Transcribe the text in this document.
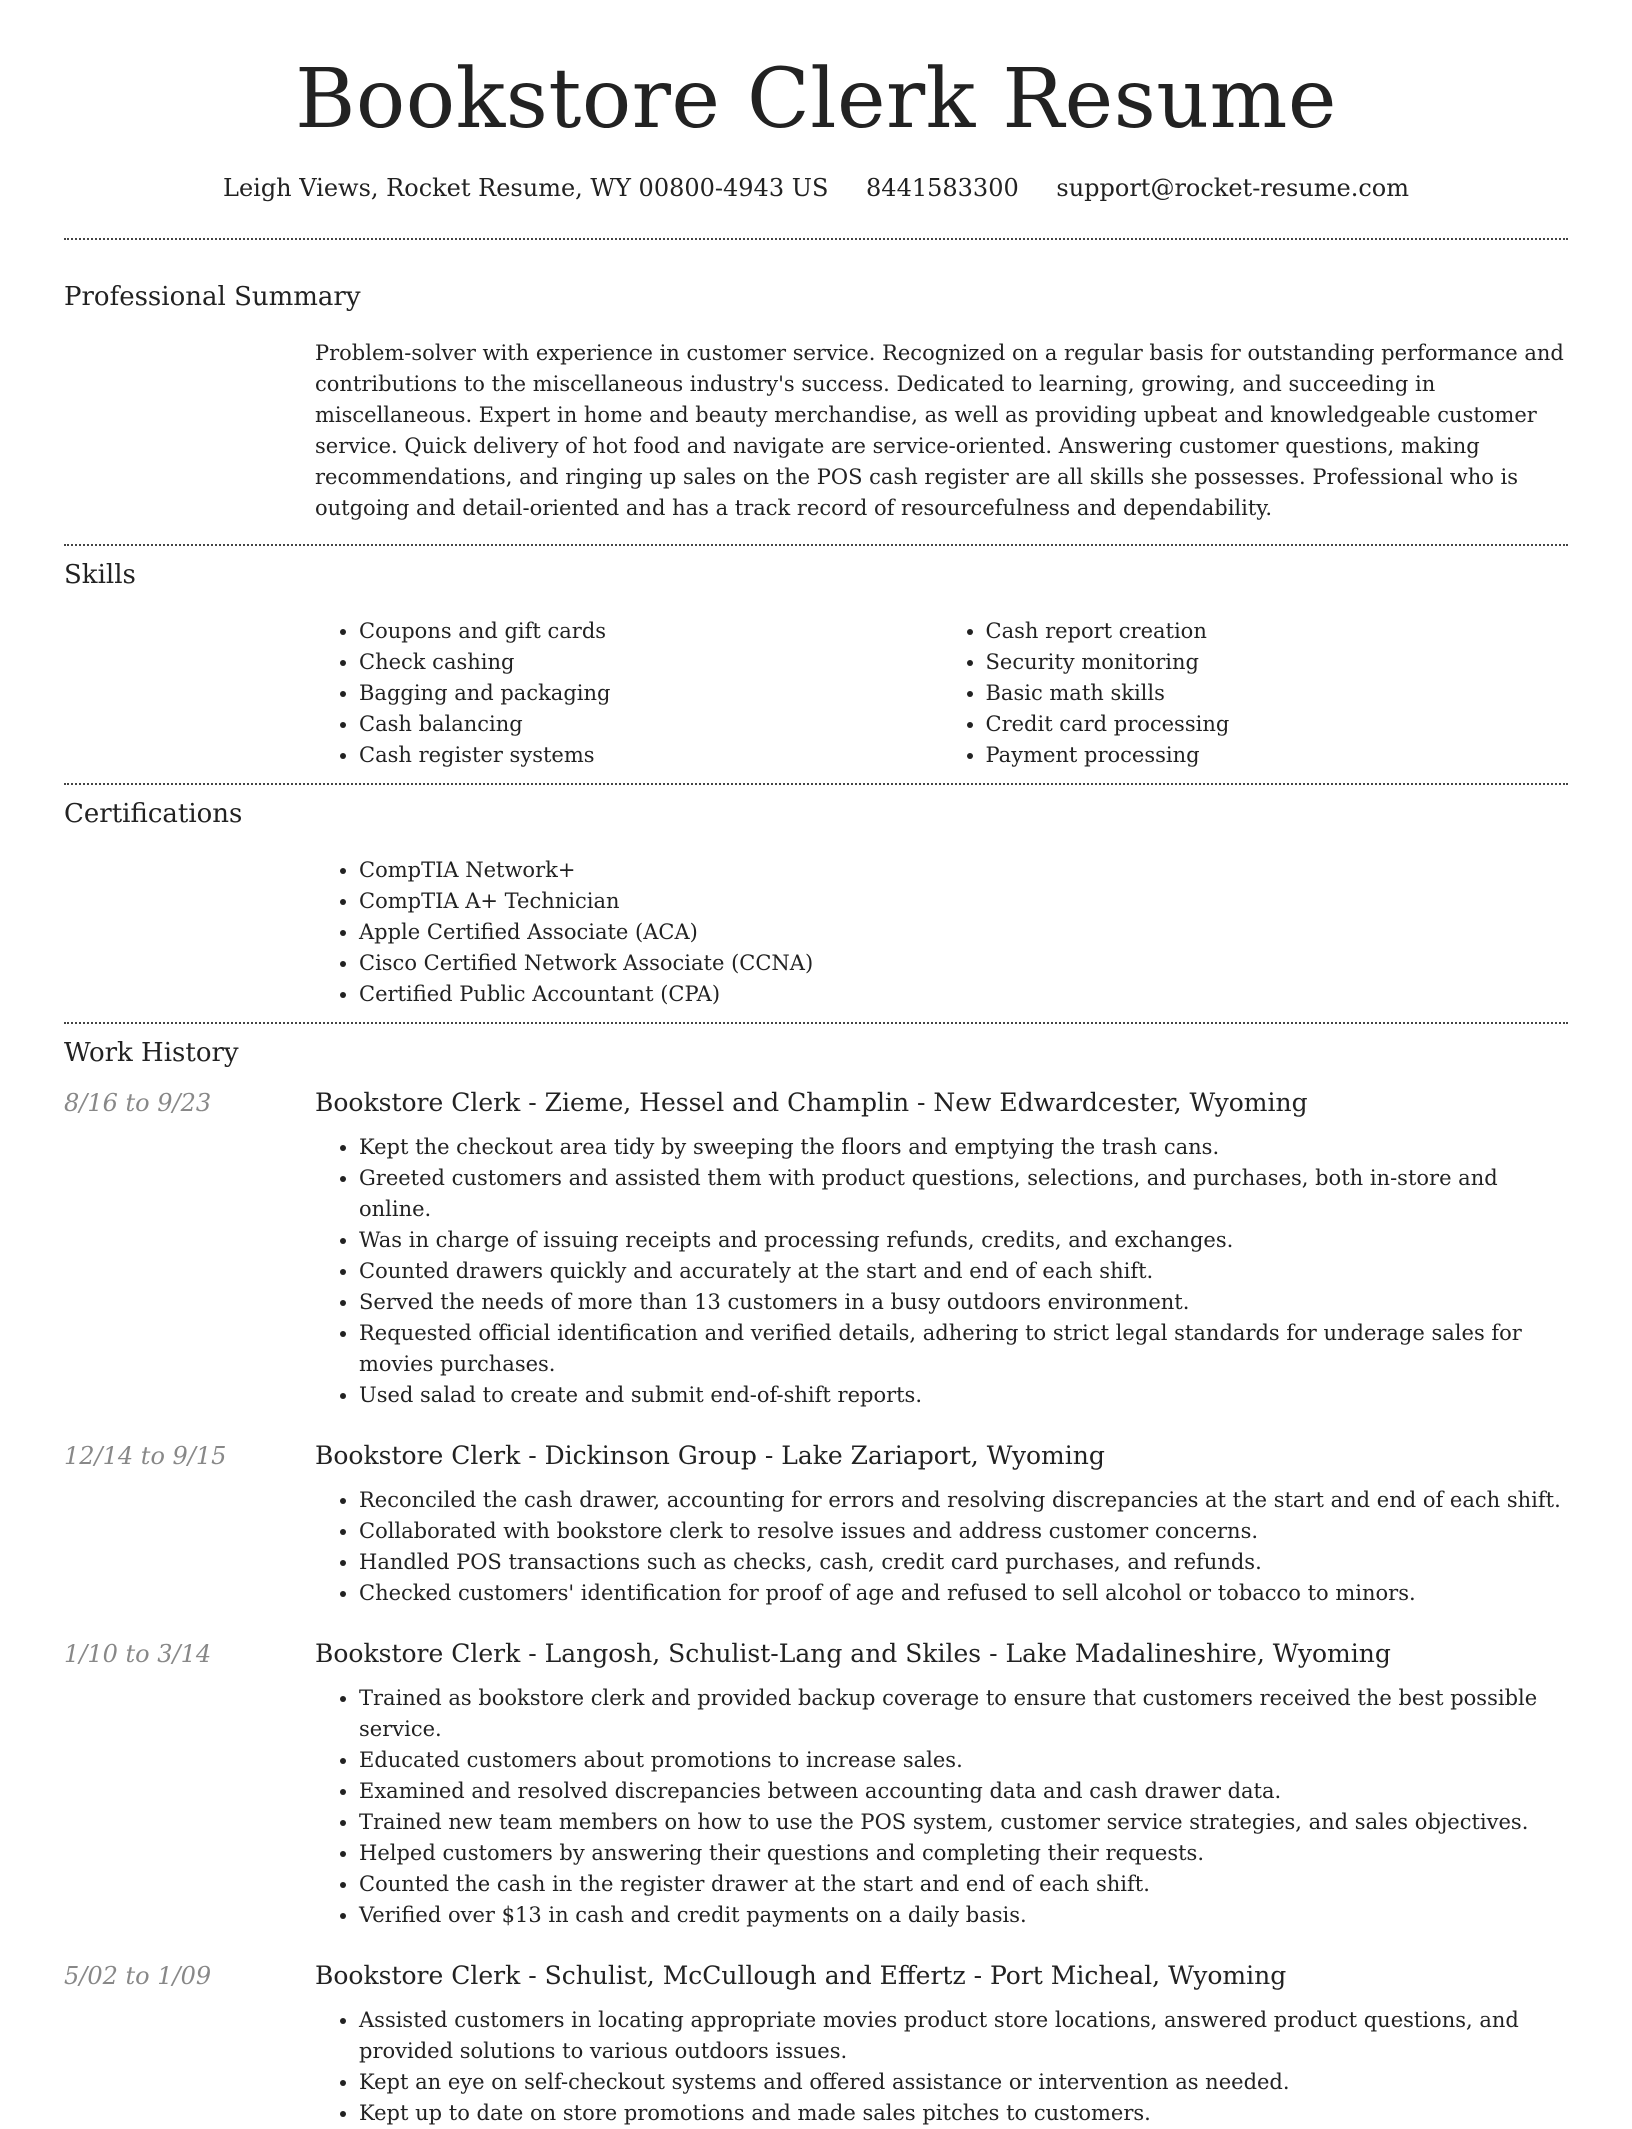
Bookstore Clerk Resume
Leigh Views, Rocket Resume, WY 00800-4943 US 8441583300 support@rocket-resume.com
Professional Summary
Problem-solver with experience in customer service. Recognized on a regular basis for outstanding performance and contributions to the miscellaneous industry's success. Dedicated to learning, growing, and succeeding in miscellaneous. Expert in home and beauty merchandise, as well as providing upbeat and knowledgeable customer service. Quick delivery of hot food and navigate are service-oriented. Answering customer questions, making recommendations, and ringing up sales on the POS cash register are all skills she possesses. Professional who is outgoing and detail-oriented and has a track record of resourcefulness and dependability.
Skills
• Coupons and gift cards
• Check cashing
• Bagging and packaging
• Cash balancing
• Cash register systems
• Cash report creation
• Security monitoring
• Basic math skills
• Credit card processing
• Payment processing
Certifications
• CompTIA Network+
• CompTIA A+ Technician
• Apple Certified Associate (ACA)
• Cisco Certified Network Associate (CCNA)
• Certified Public Accountant (CPA)
Work History
8/16 to 9/23	Bookstore Clerk - Zieme, Hessel and Champlin - New Edwardcester, Wyoming
• Kept the checkout area tidy by sweeping the floors and emptying the trash cans.
• Greeted customers and assisted them with product questions, selections, and purchases, both in-store and online.
• Was in charge of issuing receipts and processing refunds, credits, and exchanges.
• Counted drawers quickly and accurately at the start and end of each shift.
• Served the needs of more than 13 customers in a busy outdoors environment.
• Requested official identification and verified details, adhering to strict legal standards for underage sales for movies purchases.
• Used salad to create and submit end-of-shift reports.
12/14 to 9/15	Bookstore Clerk - Dickinson Group - Lake Zariaport, Wyoming
• Reconciled the cash drawer, accounting for errors and resolving discrepancies at the start and end of each shift.
• Collaborated with bookstore clerk to resolve issues and address customer concerns.
• Handled POS transactions such as checks, cash, credit card purchases, and refunds.
• Checked customers' identification for proof of age and refused to sell alcohol or tobacco to minors.
1/10 to 3/14	Bookstore Clerk - Langosh, Schulist-Lang and Skiles - Lake Madalineshire, Wyoming
• Trained as bookstore clerk and provided backup coverage to ensure that customers received the best possible service.
• Educated customers about promotions to increase sales.
• Examined and resolved discrepancies between accounting data and cash drawer data.
• Trained new team members on how to use the POS system, customer service strategies, and sales objectives.
• Helped customers by answering their questions and completing their requests.
• Counted the cash in the register drawer at the start and end of each shift.
• Verified over $13 in cash and credit payments on a daily basis.
5/02 to 1/09	Bookstore Clerk - Schulist, McCullough and Effertz - Port Micheal, Wyoming
• Assisted customers in locating appropriate movies product store locations, answered product questions, and provided solutions to various outdoors issues.
• Kept an eye on self-checkout systems and offered assistance or intervention as needed.
• Kept up to date on store promotions and made sales pitches to customers.
